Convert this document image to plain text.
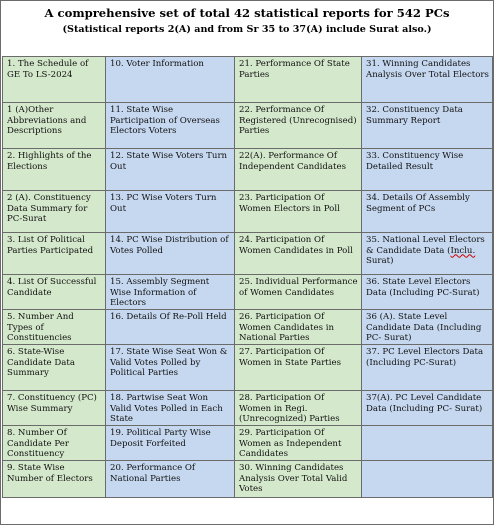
A comprehensive set of total 42 statistical reports for 542 PCs
(Statistical reports 2(A) and from Sr 35 to 37(A) include Surat also.)
1. The Schedule of GE To LS-2024	10. Voter Information	21. Performance Of State Parties	31. Winning Candidates Analysis Over Total Electors
1 (A)Other Abbreviations and Descriptions	11. State Wise Participation of Overseas Electors Voters	22. Performance Of Registered (Unrecognised) Parties	32. Constituency Data Summary Report
2. Highlights of the Elections	12. State Wise Voters Turn Out	22(A). Performance Of Independent Candidates	33. Constituency Wise Detailed Result
2 (A). Constituency Data Summary for PC-Surat	13. PC Wise Voters Turn Out	23. Participation Of Women Electors in Poll	34. Details Of Assembly Segment of PCs
3. List Of Political Parties Participated	14. PC Wise Distribution of Votes Polled	24. Participation Of Women Candidates in Poll	35. National Level Electors & Candidate Data (Inclu. Surat)
4. List Of Successful Candidate	15. Assembly Segment Wise Information of Electors	25. Individual Performance of Women Candidates	36. State Level Electors Data (Including PC-Surat)
5. Number And Types of Constituencies	16. Details Of Re-Poll Held	26. Participation Of Women Candidates in National Parties	36 (A). State Level Candidate Data (Including PC- Surat)
6. State-Wise Candidate Data Summary	17. State Wise Seat Won & Valid Votes Polled by Political Parties	27. Participation Of Women in State Parties	37. PC Level Electors Data (Including PC-Surat)
7. Constituency (PC) Wise Summary	18. Partwise Seat Won Valid Votes Polled in Each State	28. Participation Of Women in Regi. (Unrecognized) Parties	37(A). PC Level Candidate Data (Including PC- Surat)
8. Number Of Candidate Per Constituency	19. Political Party Wise Deposit Forfeited	29. Participation Of Women as Independent Candidates	
9. State Wise Number of Electors	20. Performance Of National Parties	30. Winning Candidates Analysis Over Total Valid Votes	
